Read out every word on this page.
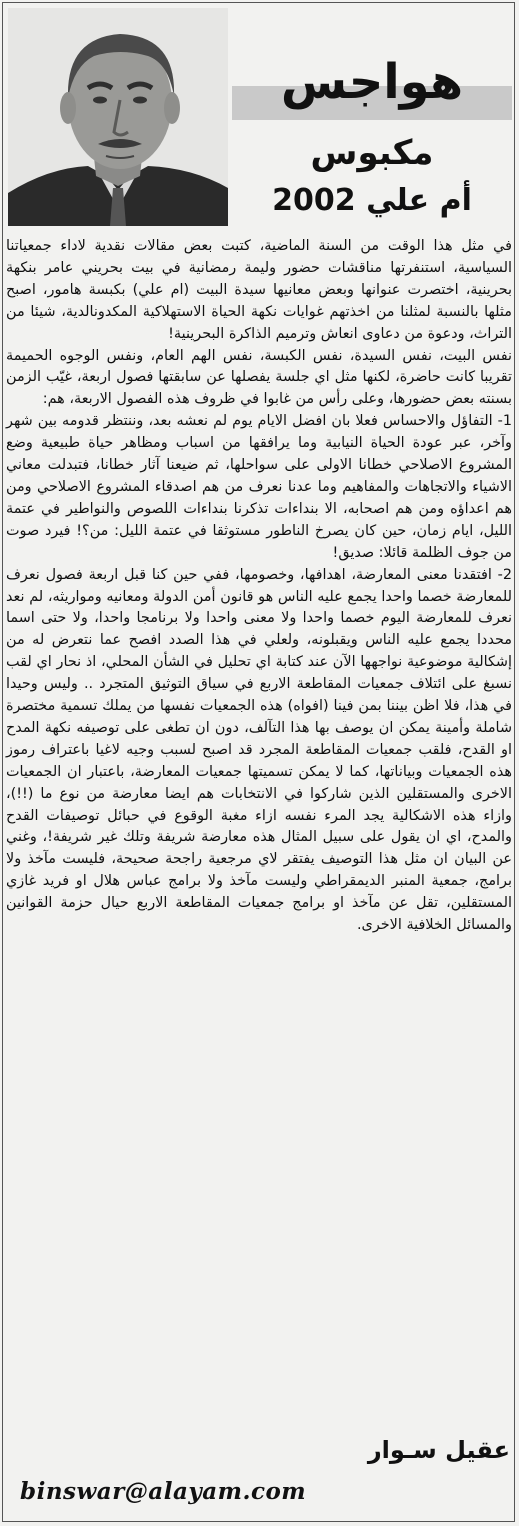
هواجس
مكبوس
أم علي 2002

في مثل هذا الوقت من السنة الماضية، كتبت بعض مقالات نقدية لاداء جمعياتنا السياسية، استنفرتها مناقشات حضور وليمة رمضانية في بيت بحريني عامر بنكهة بحرينية، اختصرت عنوانها وبعض معانيها سيدة البيت (ام علي) بكبسة هامور، اصبح مثلها بالنسبة لمثلنا من اخذتهم غوايات نكهة الحياة الاستهلاكية المكدونالدية، شيئا من التراث، ودعوة من دعاوى انعاش وترميم الذاكرة البحرينية!

نفس البيت، نفس السيدة، نفس الكبسة، نفس الهم العام، ونفس الوجوه الحميمة تقريبا كانت حاضرة، لكنها مثل اي جلسة يفصلها عن سابقتها فصول اربعة، غيّب الزمن بسنته بعض حضورها، وعلى رأس من غابوا في ظروف هذه الفصول الاربعة، هم:

1- التفاؤل والاحساس فعلا بان افضل الايام يوم لم نعشه بعد، وننتظر قدومه بين شهر وآخر، عبر عودة الحياة النيابية وما يرافقها من اسباب ومظاهر حياة طبيعية وضع المشروع الاصلاحي خطانا الاولى على سواحلها، ثم ضيعنا آثار خطانا، فتبدلت معاني الاشياء والاتجاهات والمفاهيم وما عدنا نعرف من هم اصدقاء المشروع الاصلاحي ومن هم اعداؤه ومن هم اصحابه، الا بنداءات تذكرنا بنداءات اللصوص والنواطير في عتمة الليل، ايام زمان، حين كان يصرخ الناطور مستوثقا في عتمة الليل: من؟! فيرد صوت من جوف الظلمة قائلا: صديق!

2- افتقدنا معنى المعارضة، اهدافها، وخصومها، ففي حين كنا قبل اربعة فصول نعرف للمعارضة خصما واحدا يجمع عليه الناس هو قانون أمن الدولة ومعانيه ومواريثه، لم نعد نعرف للمعارضة اليوم خصما واحدا ولا معنى واحدا ولا برنامجا واحدا، ولا حتى اسما محددا يجمع عليه الناس ويقبلونه، ولعلي في هذا الصدد افصح عما نتعرض له من إشكالية موضوعية نواجهها الآن عند كتابة اي تحليل في الشأن المحلي، اذ نحار اي لقب نسبغ على ائتلاف جمعيات المقاطعة الاربع في سياق التوثيق المتجرد .. وليس وحيدا في هذا، فلا اظن بيننا بمن فينا (افواه) هذه الجمعيات نفسها من يملك تسمية مختصرة شاملة وأمينة يمكن ان يوصف بها هذا التآلف، دون ان تطغى على توصيفه نكهة المدح او القدح، فلقب جمعيات المقاطعة المجرد قد اصبح لسبب وجيه لاغيا باعتراف رموز هذه الجمعيات وبياناتها، كما لا يمكن تسميتها جمعيات المعارضة، باعتبار ان الجمعيات الاخرى والمستقلين الذين شاركوا في الانتخابات هم ايضا معارضة من نوع ما (!!)، وازاء هذه الاشكالية يجد المرء نفسه ازاء مغبة الوقوع في حبائل توصيفات القدح والمدح، اي ان يقول على سبيل المثال هذه معارضة شريفة وتلك غير شريفة!، وغني عن البيان ان مثل هذا التوصيف يفتقر لاي مرجعية راجحة صحيحة، فليست مآخذ ولا برامج، جمعية المنبر الديمقراطي وليست مآخذ ولا برامج عباس هلال او فريد غازي المستقلين، تقل عن مآخذ او برامج جمعيات المقاطعة الاربع حيال حزمة القوانين والمسائل الخلافية الاخرى.

عقيل سـوار
binswar@alayam.com
